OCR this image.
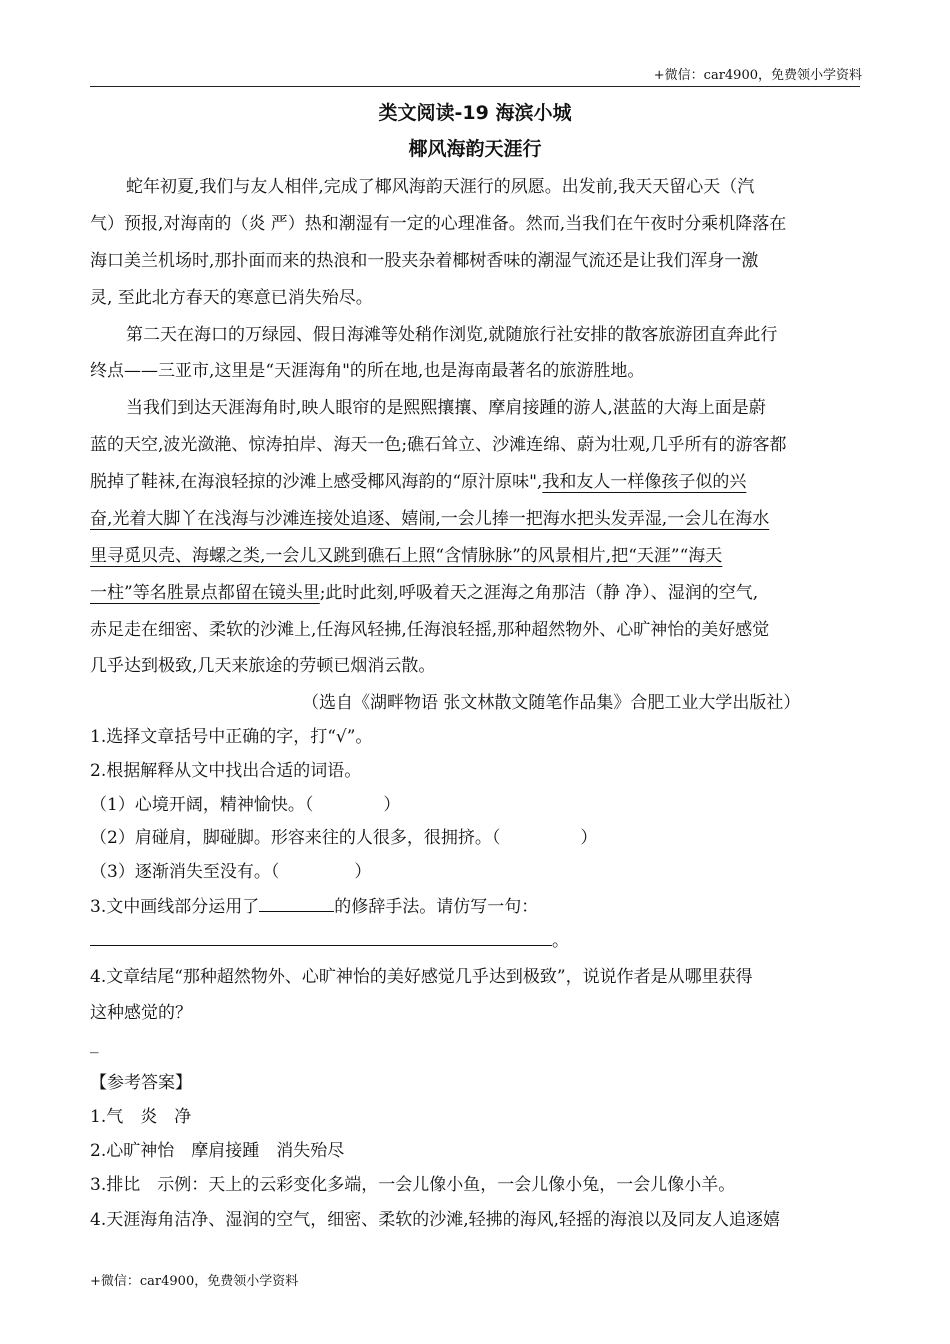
+微信：car4900，免费领小学资料
类文阅读-19 海滨小城
椰风海韵天涯行
蛇年初夏,我们与友人相伴,完成了椰风海韵天涯行的夙愿。出发前,我天天留心天（汽
气）预报,对海南的（炎 严）热和潮湿有一定的心理准备。然而,当我们在午夜时分乘机降落在
海口美兰机场时,那扑面而来的热浪和一股夹杂着椰树香味的潮湿气流还是让我们浑身一激
灵, 至此北方春天的寒意已消失殆尽。
第二天在海口的万绿园、假日海滩等处稍作浏览,就随旅行社安排的散客旅游团直奔此行
终点——三亚市,这里是“天涯海角"的所在地,也是海南最著名的旅游胜地。
当我们到达天涯海角时,映人眼帘的是熙熙攘攘、摩肩接踵的游人,湛蓝的大海上面是蔚
蓝的天空,波光潋滟、惊涛拍岸、海天一色;礁石耸立、沙滩连绵、蔚为壮观,几乎所有的游客都
脱掉了鞋袜,在海浪轻掠的沙滩上感受椰风海韵的“原汁原味",我和友人一样像孩子似的兴
奋,光着大脚丫在浅海与沙滩连接处追逐、嬉闹,一会儿捧一把海水把头发弄湿,一会儿在海水
里寻觅贝壳、海螺之类,一会儿又跳到礁石上照“含情脉脉”的风景相片,把“天涯”“海天
一柱”等名胜景点都留在镜头里;此时此刻,呼吸着天之涯海之角那洁（静 净）、湿润的空气,
赤足走在细密、柔软的沙滩上,任海风轻拂,任海浪轻摇,那种超然物外、心旷神怡的美好感觉
几乎达到极致,几天来旅途的劳顿已烟消云散。
（选自《湖畔物语 张文林散文随笔作品集》合肥工业大学出版社）
1.选择文章括号中正确的字，打“√”。
2.根据解释从文中找出合适的词语。
（1）心境开阔，精神愉快。（	）
（2）肩碰肩，脚碰脚。形容来往的人很多，很拥挤。（	）
（3）逐渐消失至没有。（	）
3.文中画线部分运用了	的修辞手法。请仿写一句：
。
4.文章结尾“那种超然物外、心旷神怡的美好感觉几乎达到极致”，说说作者是从哪里获得
这种感觉的？
_
【参考答案】
1.气　炎　净
2.心旷神怡　摩肩接踵　消失殆尽
3.排比　示例：天上的云彩变化多端，一会儿像小鱼，一会儿像小兔，一会儿像小羊。
4.天涯海角洁净、湿润的空气，细密、柔软的沙滩,轻拂的海风,轻摇的海浪以及同友人追逐嬉
+微信：car4900，免费领小学资料
